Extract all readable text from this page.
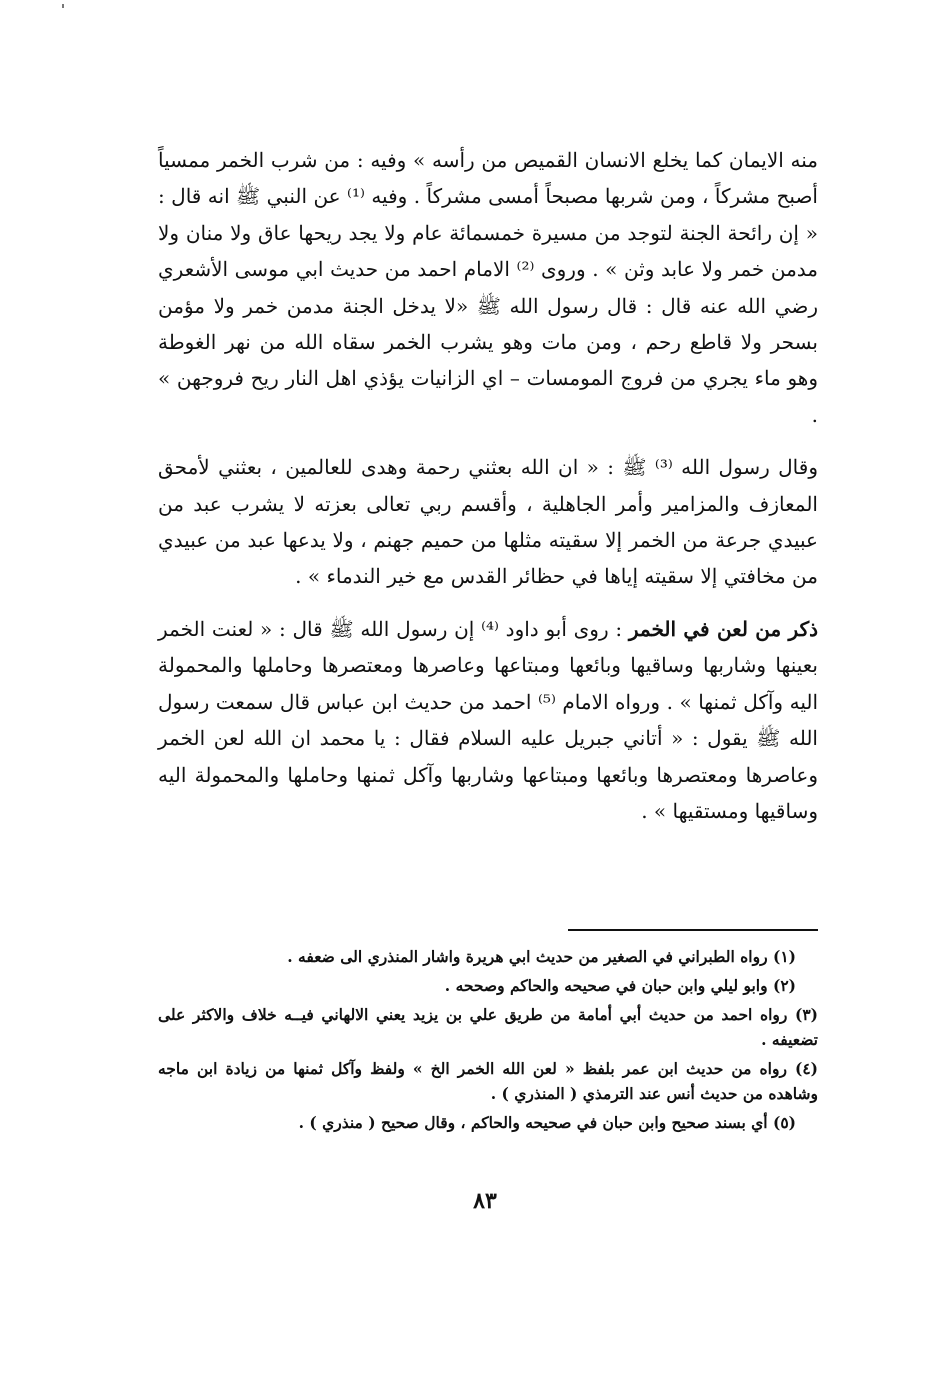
منه الايمان كما يخلع الانسان القميص من رأسه » وفيه : من شرب الخمر ممسياً أصبح مشركاً ، ومن شربها مصبحاً أمسى مشركاً . وفيه ⁽¹⁾ عن النبي ﷺ انه قال : « إن رائحة الجنة لتوجد من مسيرة خمسمائة عام ولا يجد ريحها عاق ولا منان ولا مدمن خمر ولا عابد وثن » . وروى ⁽²⁾ الامام احمد من حديث ابي موسى الأشعري رضي الله عنه قال : قال رسول الله ﷺ «لا يدخل الجنة مدمن خمر ولا مؤمن بسحر ولا قاطع رحم ، ومن مات وهو يشرب الخمر سقاه الله من نهر الغوطة وهو ماء يجري من فروج المومسات – اي الزانيات يؤذي اهل النار ريح فروجهن » .

وقال رسول الله ⁽³⁾ ﷺ : « ان الله بعثني رحمة وهدى للعالمين ، بعثني لأمحق المعازف والمزامير وأمر الجاهلية ، وأقسم ربي تعالى بعزته لا يشرب عبد من عبيدي جرعة من الخمر إلا سقيته مثلها من حميم جهنم ، ولا يدعها عبد من عبيدي من مخافتي إلا سقيته إياها في حظائر القدس مع خير الندماء » .

ذكر من لعن في الخمر : روى أبو داود ⁽⁴⁾ إن رسول الله ﷺ قال : « لعنت الخمر بعينها وشاربها وساقيها وبائعها ومبتاعها وعاصرها ومعتصرها وحاملها والمحمولة اليه وآكل ثمنها » . ورواه الامام ⁽⁵⁾ احمد من حديث ابن عباس قال سمعت رسول الله ﷺ يقول : « أتاني جبريل عليه السلام فقال : يا محمد ان الله لعن الخمر وعاصرها ومعتصرها وبائعها ومبتاعها وشاربها وآكل ثمنها وحاملها والمحمولة اليه وساقيها ومستقيها » .

(١) رواه الطبراني في الصغير من حديث ابي هريرة واشار المنذري الى ضعفه .

(٢) وابو ليلي وابن حبان في صحيحه والحاكم وصححه .

(٣) رواه احمد من حديث أبي أمامة من طريق علي بن يزيد يعني الالهاني فيــه خلاف والاكثر على تضعيفه .

(٤) رواه من حديث ابن عمر بلفظ « لعن الله الخمر الخ » ولفظ وآكل ثمنها من زيادة ابن ماجه وشاهده من حديث أنس عند الترمذي ( المنذري ) .

(٥) أي بسند صحيح وابن حبان في صحيحه والحاكم ، وقال صحيح ( منذري ) .

٨٣
